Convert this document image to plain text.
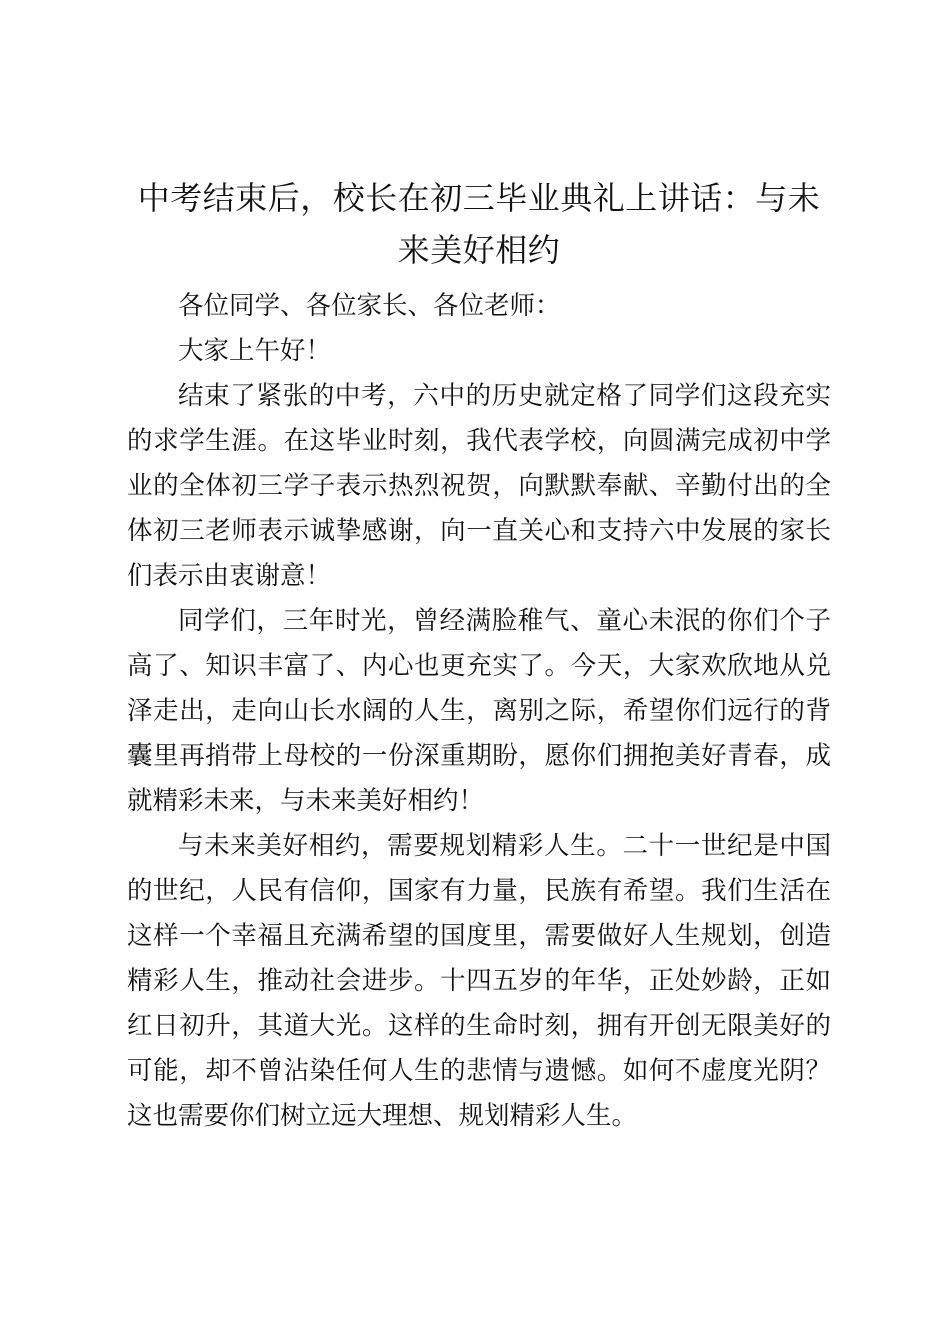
中考结束后，校长在初三毕业典礼上讲话：与未来美好相约

各位同学、各位家长、各位老师：

大家上午好！

结束了紧张的中考，六中的历史就定格了同学们这段充实的求学生涯。在这毕业时刻，我代表学校，向圆满完成初中学业的全体初三学子表示热烈祝贺，向默默奉献、辛勤付出的全体初三老师表示诚挚感谢，向一直关心和支持六中发展的家长们表示由衷谢意！

同学们，三年时光，曾经满脸稚气、童心未泯的你们个子高了、知识丰富了、内心也更充实了。今天，大家欢欣地从兑泽走出，走向山长水阔的人生，离别之际，希望你们远行的背囊里再捎带上母校的一份深重期盼，愿你们拥抱美好青春，成就精彩未来，与未来美好相约！

与未来美好相约，需要规划精彩人生。二十一世纪是中国的世纪，人民有信仰，国家有力量，民族有希望。我们生活在这样一个幸福且充满希望的国度里，需要做好人生规划，创造精彩人生，推动社会进步。十四五岁的年华，正处妙龄，正如红日初升，其道大光。这样的生命时刻，拥有开创无限美好的可能，却不曾沾染任何人生的悲情与遗憾。如何不虚度光阴？这也需要你们树立远大理想、规划精彩人生。
